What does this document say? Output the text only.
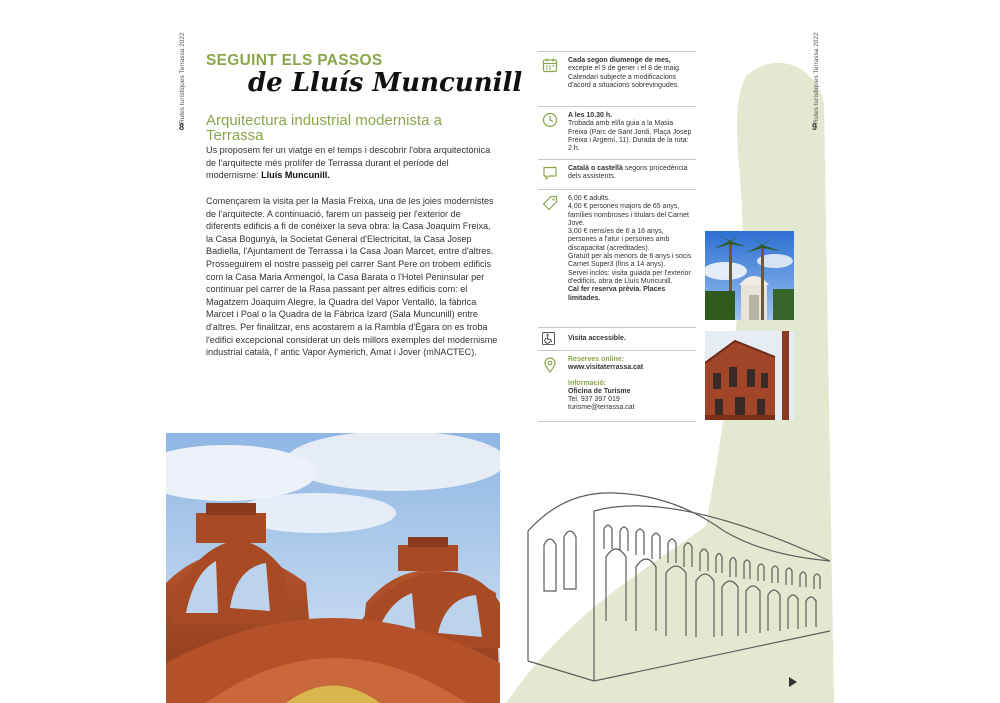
Rutes turístiques Terrassa 2022
8
Rutes turístiques Terrassa 2022
9
SEGUINT ELS PASSOS
de Lluís Muncunill
Arquitectura industrial modernista a Terrassa
Us proposem fer un viatge en el temps i descobrir l'obra arquitectònica de l'arquitecte més prolífer de Terrassa durant el període del modernisme: Lluís Muncunill.
Començarem la visita per la Masia Freixa, una de les joies modernistes de l'arquitecte. A continuació, farem un passeig per l'exterior de diferents edificis a fi de conèixer la seva obra: la Casa Joaquim Freixa, la Casa Bogunyà, la Societat General d'Electricitat, la Casa Josep Badiella, l'Ajuntament de Terrassa i la Casa Joan Marcet, entre d'altres. Prosseguirem el nostre passeig pel carrer Sant Pere on trobem edificis com la Casa Maria Armengol, la Casa Barata o l'Hotel Peninsular per continuar pel carrer de la Rasa passant per altres edificis com: el Magatzem Joaquim Alegre, la Quadra del Vapor Ventalló, la fàbrica Marcet i Poal o la Quadra de la Fàbrica Izard (Sala Muncunill) entre d'altres. Per finalitzar, ens acostarem a la Rambla d'Ègara on es troba l'edifici excepcional considerat un dels millors exemples del modernisme industrial català, l' antic Vapor Aymerich, Amat i Jover (mNACTEC).
Cada segon diumenge de mes, excepte el 9 de gener i el 8 de maig. Calendari subjecte a modificacions d'acord a situacions sobrevingudes.
A les 10.30 h.
Trobada amb el/la guia a la Masia Freixa (Parc de Sant Jordi, Plaça Josep Freixa i Argemí, 11). Durada de la ruta: 2 h.
Català o castellà segons procedència dels assistents.
6,00 € adults.
4,00 € persones majors de 65 anys, famílies nombroses i titulars del Carnet Jove.
3,00 € nens/es de 6 a 16 anys, persones a l'atur i persones amb discapacitat (acreditades).
Gratuït per als menors de 6 anys i socis Carnet Super3 (fins a 14 anys).
Servei inclòs: visita guiada per l'exterior d'edificis, obra de Lluís Muncunill.
Cal fer reserva prèvia. Places limitades.
Visita accessible.
Reserves online:
www.visitaterrassa.cat
Informació:
Oficina de Turisme
Tel. 937 397 019
turisme@terrassa.cat
